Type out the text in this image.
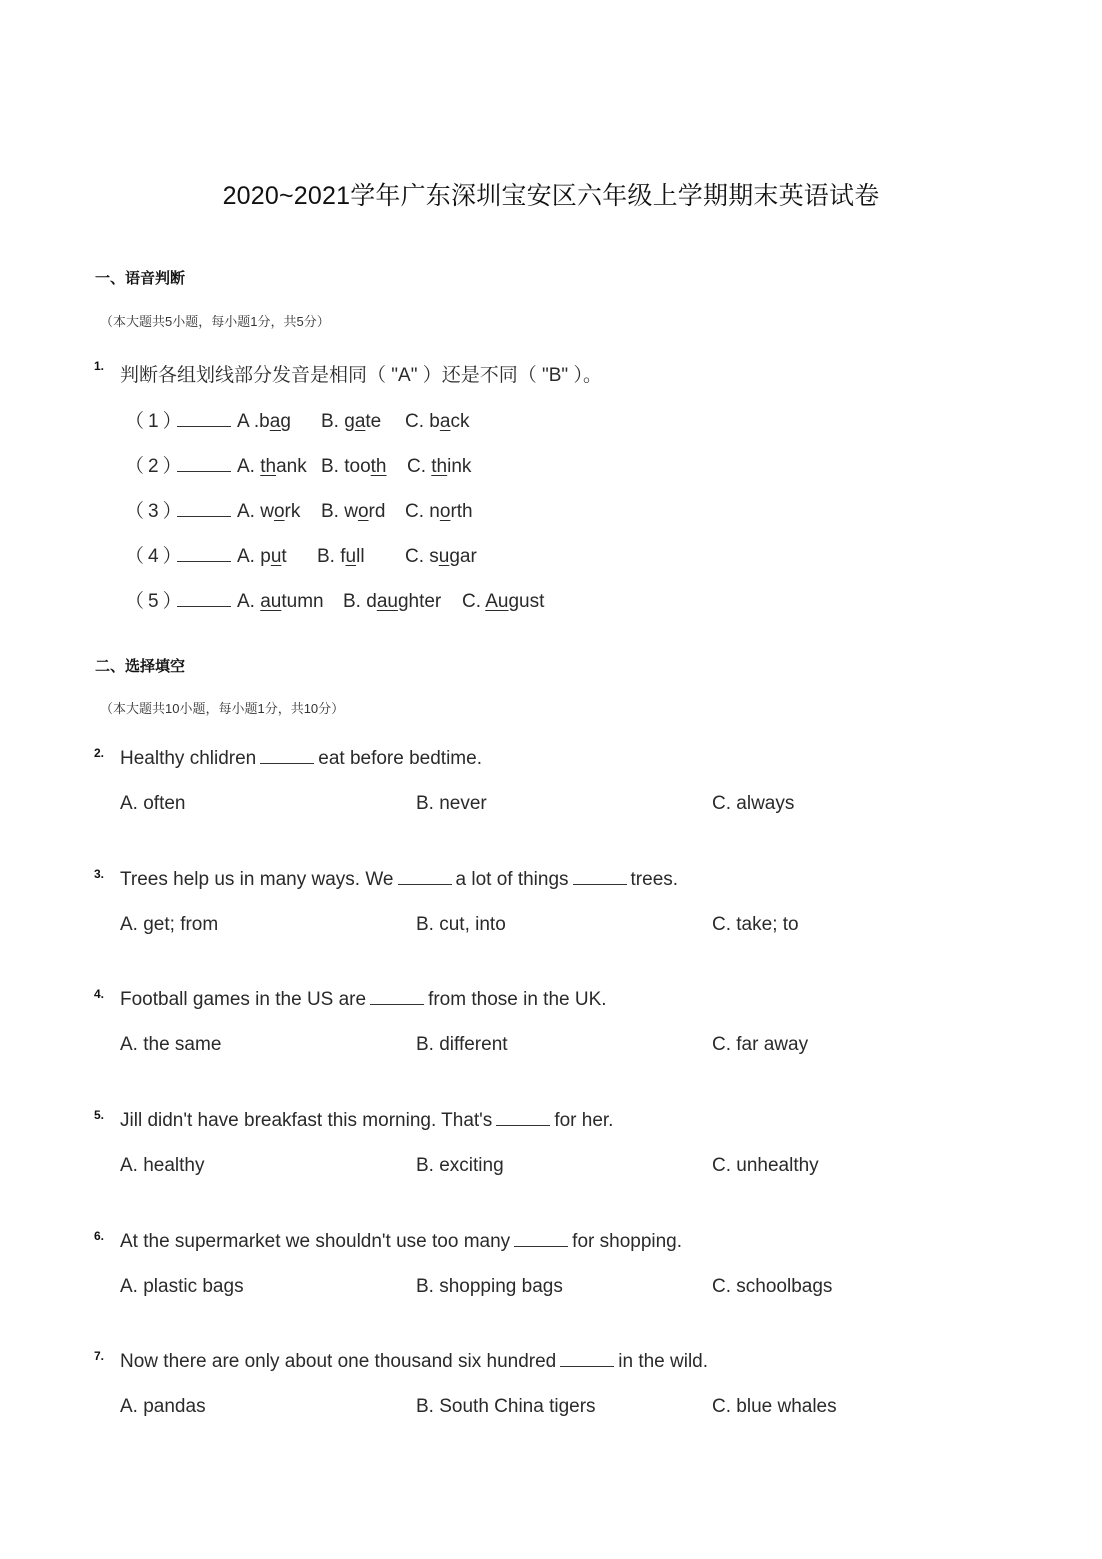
2020~2021学年广东深圳宝安区六年级上学期期末英语试卷
一、语音判断
（本大题共5小题，每小题1分，共5分）
1. 判断各组划线部分发音是相同（ "A" ）还是不同（ "B" ）。
（1）	A .bag B. gate C. back
（2）	A. thank B. tooth C. think
（3）	A. work B. word C. north
（4）	A. put B. full C. sugar
（5）	A. autumn B. daughter C. August
二、选择填空
（本大题共10小题，每小题1分，共10分）
2. Healthy chlidren	eat before bedtime.
A. often	B. never	C. always
3. Trees help us in many ways. We	a lot of things	trees.
A. get; from	B. cut, into	C. take; to
4. Football games in the US are	from those in the UK.
A. the same	B. different	C. far away
5. Jill didn't have breakfast this morning. That's	for her.
A. healthy	B. exciting	C. unhealthy
6. At the supermarket we shouldn't use too many	for shopping.
A. plastic bags	B. shopping bags	C. schoolbags
7. Now there are only about one thousand six hundred	in the wild.
A. pandas	B. South China tigers	C. blue whales
